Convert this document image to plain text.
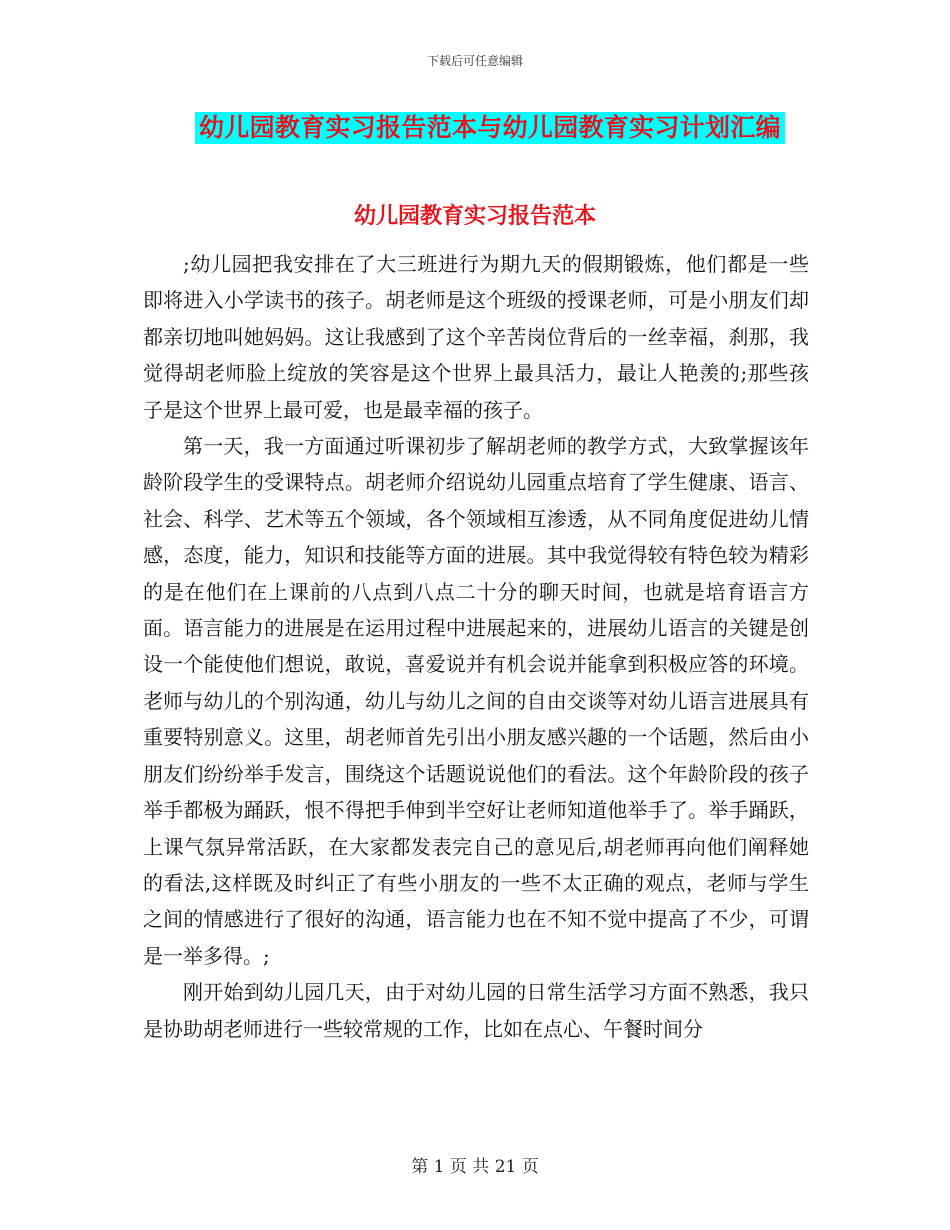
下载后可任意编辑
幼儿园教育实习报告范本与幼儿园教育实习计划汇编
幼儿园教育实习报告范本

;幼儿园把我安排在了大三班进行为期九天的假期锻炼，他们都是一些即将进入小学读书的孩子。胡老师是这个班级的授课老师，可是小朋友们却都亲切地叫她妈妈。这让我感到了这个辛苦岗位背后的一丝幸福，刹那，我觉得胡老师脸上绽放的笑容是这个世界上最具活力，最让人艳羡的;那些孩子是这个世界上最可爱，也是最幸福的孩子。

第一天，我一方面通过听课初步了解胡老师的教学方式，大致掌握该年龄阶段学生的受课特点。胡老师介绍说幼儿园重点培育了学生健康、语言、社会、科学、艺术等五个领域，各个领域相互渗透，从不同角度促进幼儿情感，态度，能力，知识和技能等方面的进展。其中我觉得较有特色较为精彩的是在他们在上课前的八点到八点二十分的聊天时间，也就是培育语言方面。语言能力的进展是在运用过程中进展起来的，进展幼儿语言的关键是创设一个能使他们想说，敢说，喜爱说并有机会说并能拿到积极应答的环境。老师与幼儿的个别沟通，幼儿与幼儿之间的自由交谈等对幼儿语言进展具有重要特别意义。这里，胡老师首先引出小朋友感兴趣的一个话题，然后由小朋友们纷纷举手发言，围绕这个话题说说他们的看法。这个年龄阶段的孩子举手都极为踊跃，恨不得把手伸到半空好让老师知道他举手了。举手踊跃，上课气氛异常活跃，在大家都发表完自己的意见后,胡老师再向他们阐释她的看法,这样既及时纠正了有些小朋友的一些不太正确的观点，老师与学生之间的情感进行了很好的沟通，语言能力也在不知不觉中提高了不少，可谓是一举多得。;

刚开始到幼儿园几天，由于对幼儿园的日常生活学习方面不熟悉，我只是协助胡老师进行一些较常规的工作，比如在点心、午餐时间分

第 1 页 共 21 页
